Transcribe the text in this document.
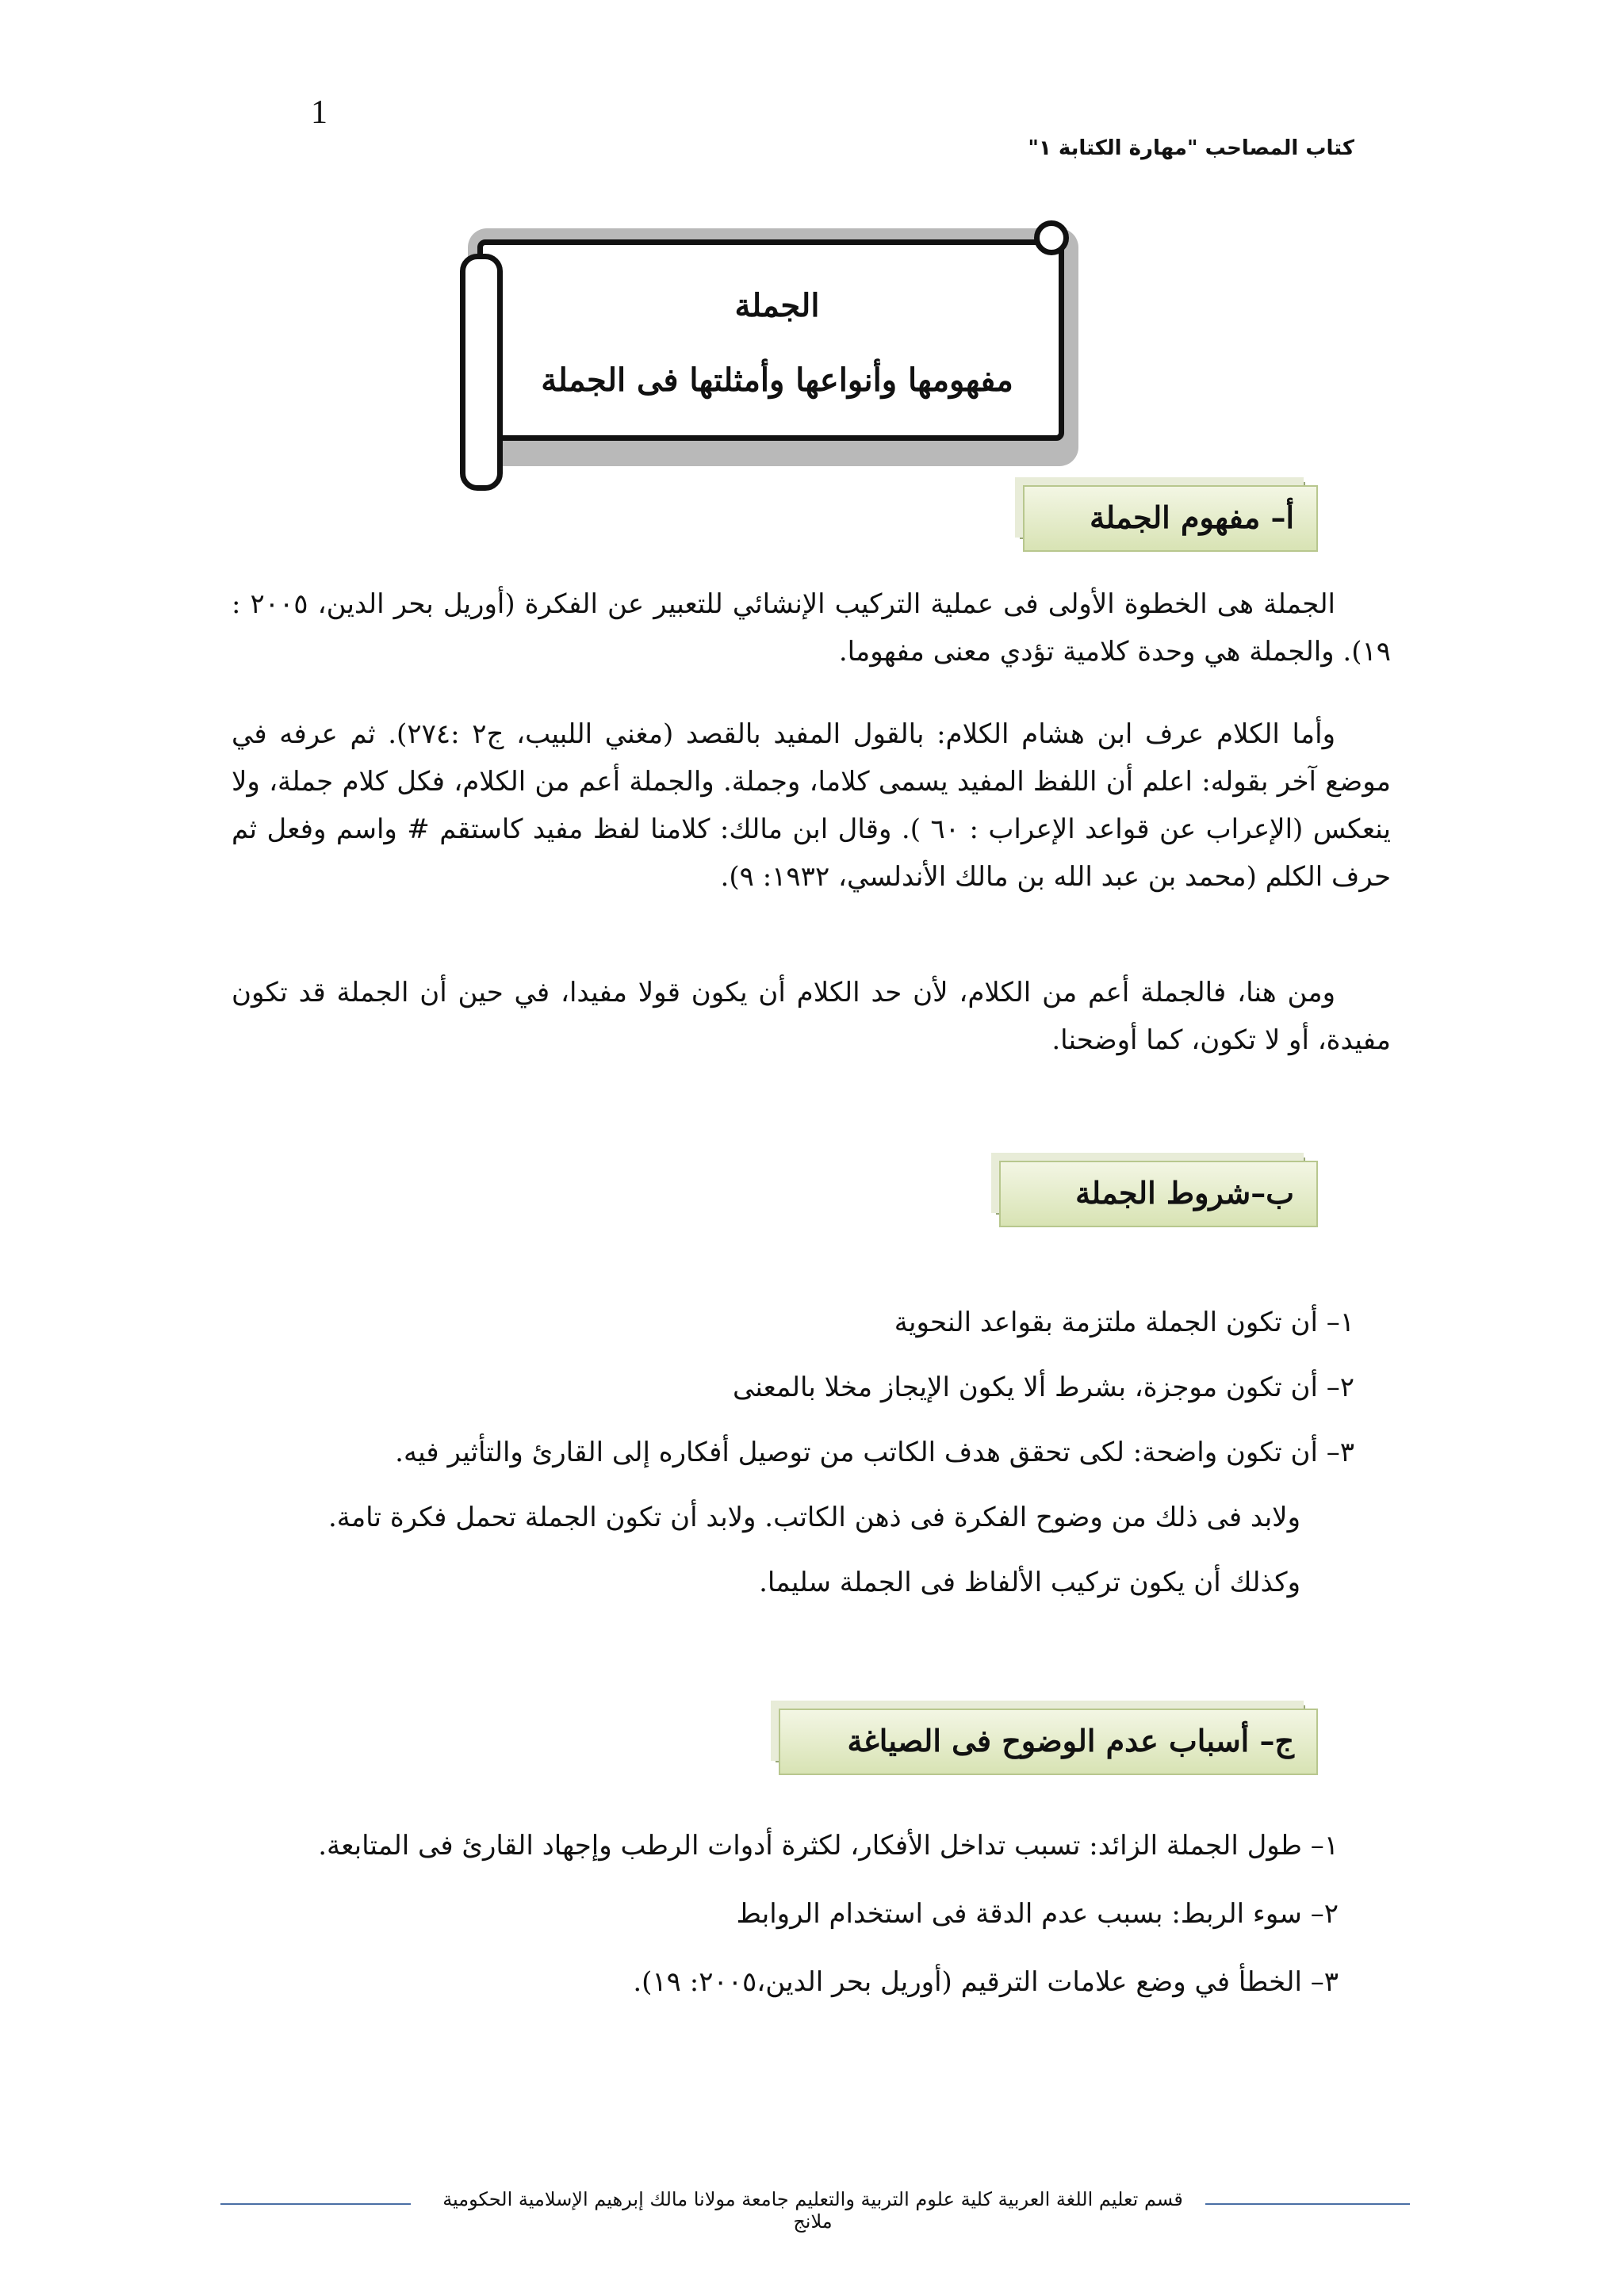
1
كتاب المصاحب "مهارة الكتابة ١"
الجملة
مفهومها وأنواعها وأمثلتها فى الجملة
أ– مفهوم الجملة
الجملة هى الخطوة الأولى فى عملية التركيب الإنشائي للتعبير عن الفكرة (أوريل بحر الدين، ٢٠٠٥ : ١٩). والجملة هي وحدة كلامية تؤدي معنى مفهوما.
وأما الكلام عرف ابن هشام الكلام: بالقول المفيد بالقصد (مغني اللبيب، ج٢ :٢٧٤). ثم عرفه في موضع آخر بقوله: اعلم أن اللفظ المفيد يسمى كلاما، وجملة. والجملة أعم من الكلام، فكل كلام جملة، ولا ينعكس (الإعراب عن قواعد الإعراب : ٦٠ ). وقال ابن مالك: كلامنا لفظ مفيد كاستقم # واسم وفعل ثم حرف الكلم (محمد بن عبد الله بن مالك الأندلسي، ١٩٣٢: ٩).
ومن هنا، فالجملة أعم من الكلام، لأن حد الكلام أن يكون قولا مفيدا، في حين أن الجملة قد تكون مفيدة، أو لا تكون، كما أوضحنا.
ب–شروط الجملة
١– أن تكون الجملة ملتزمة بقواعد النحوية
٢– أن تكون موجزة، بشرط ألا يكون الإيجاز مخلا بالمعنى
٣– أن تكون واضحة: لكى تحقق هدف الكاتب من توصيل أفكاره إلى القارئ والتأثير فيه.
ولابد فى ذلك من وضوح الفكرة فى ذهن الكاتب. ولابد أن تكون الجملة تحمل فكرة تامة.
وكذلك أن يكون تركيب الألفاظ فى الجملة سليما.
ج– أسباب عدم الوضوح فى الصياغة
١– طول الجملة الزائد: تسبب تداخل الأفكار، لكثرة أدوات الرطب وإجهاد القارئ فى المتابعة.
٢– سوء الربط: بسبب عدم الدقة فى استخدام الروابط
٣– الخطأ في وضع علامات الترقيم (أوريل بحر الدين،٢٠٠٥: ١٩).
قسم تعليم اللغة العربية كلية علوم التربية والتعليم جامعة مولانا مالك إبرهيم الإسلامية الحكومية ملانج
